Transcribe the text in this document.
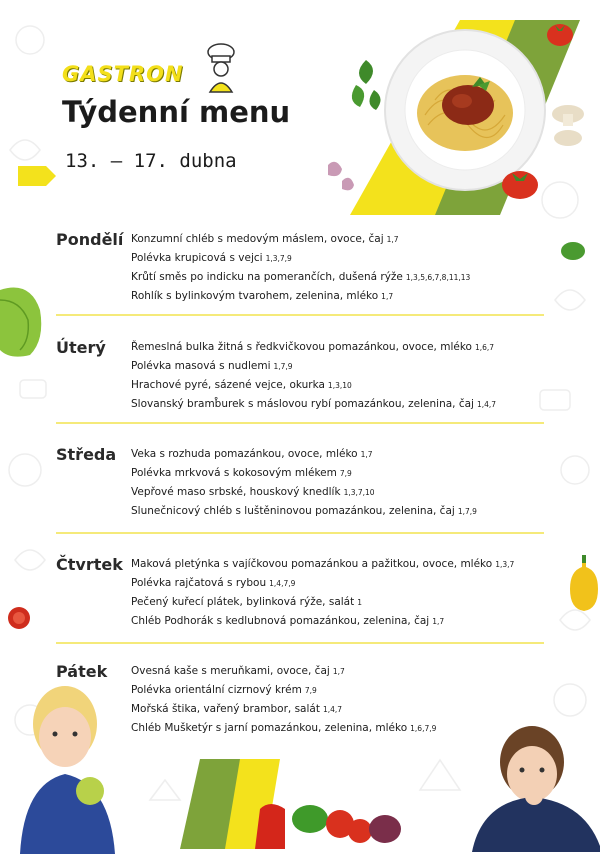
GASTRON
Týdenní menu
13. – 17. dubna
Pondělí Konzumní chléb s medovým máslem, ovoce, čaj 1,7
Polévka krupicová s vejci 1,3,7,9
Krůtí směs po indicku na pomerančích, dušená rýže 1,3,5,6,7,8,11,13
Rohlík s bylinkovým tvarohem, zelenina, mléko 1,7
Úterý Řemeslná bulka žitná s ředkvičkovou pomazánkou, ovoce, mléko 1,6,7
Polévka masová s nudlemi 1,7,9
Hrachové pyré, sázené vejce, okurka 1,3,10
Slovanský bramb̊urek s máslovou rybí pomazánkou, zelenina, čaj 1,4,7
Středa Veka s rozhuda pomazánkou, ovoce, mléko 1,7
Polévka mrkvová s kokosovým mlékem 7,9
Vepřové maso srbské, houskový knedlík 1,3,7,10
Slunečnicový chléb s luštěninovou pomazánkou, zelenina, čaj 1,7,9
Čtvrtek Maková pletýnka s vajíčkovou pomazánkou a pažitkou, ovoce, mléko 1,3,7
Polévka rajčatová s rybou 1,4,7,9
Pečený kuřecí plátek, bylinková rýže, salát 1
Chléb Podhorák s kedlubnová pomazánkou, zelenina, čaj 1,7
Pátek Ovesná kaše s meruňkami, ovoce, čaj 1,7
Polévka orientální cizrnový krém 7,9
Mořská štika, vařený brambor, salát 1,4,7
Chléb Mušketýr s jarní pomazánkou, zelenina, mléko 1,6,7,9
